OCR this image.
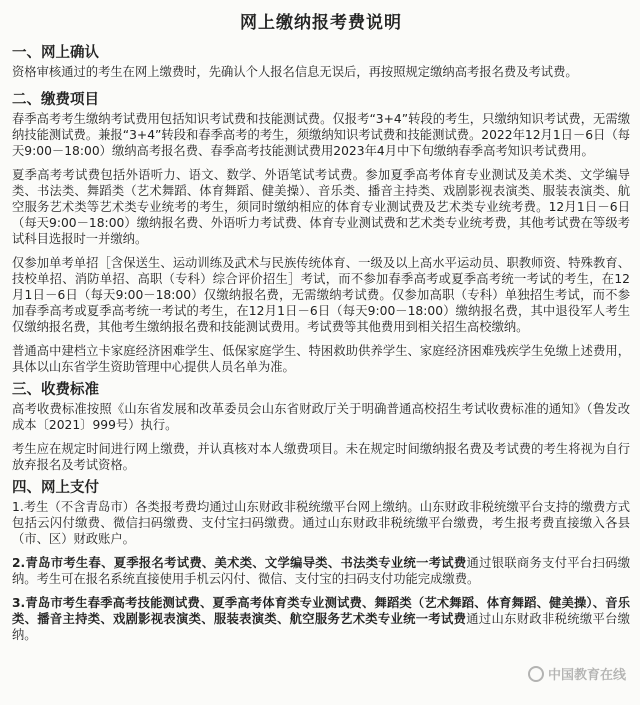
网上缴纳报考费说明
一、网上确认

资格审核通过的考生在网上缴费时，先确认个人报名信息无误后，再按照规定缴纳高考报名费及考试费。

二、缴费项目

春季高考考生缴纳考试费用包括知识考试费和技能测试费。仅报考“3+4”转段的考生，只缴纳知识考试费，无需缴纳技能测试费。兼报“3+4”转段和春季高考的考生，须缴纳知识考试费和技能测试费。2022年12月1日－6日（每天9:00－18:00）缴纳高考报名费、春季高考技能测试费用2023年4月中下旬缴纳春季高考知识考试费用。

夏季高考考试费包括外语听力、语文、数学、外语笔试考试费。参加夏季高考体育专业测试及美术类、文学编导类、书法类、舞蹈类（艺术舞蹈、体育舞蹈、健美操）、音乐类、播音主持类、戏剧影视表演类、服装表演类、航空服务艺术类等艺术类专业统考的考生，须同时缴纳相应的体育专业测试费及艺术类专业统考费。12月1日－6日（每天9:00－18:00）缴纳报名费、外语听力考试费、体育专业测试费和艺术类专业统考费，其他考试费在等级考试科目选报时一并缴纳。

仅参加单考单招［含保送生、运动训练及武术与民族传统体育、一级及以上高水平运动员、职教师资、特殊教育、技校单招、消防单招、高职（专科）综合评价招生］考试，而不参加春季高考或夏季高考统一考试的考生，在12月1日－6日（每天9:00－18:00）仅缴纳报名费，无需缴纳考试费。仅参加高职（专科）单独招生考试，而不参加春季高考或夏季高考统一考试的考生，在12月1日－6日（每天9:00－18:00）缴纳报名费，其中退役军人考生仅缴纳报名费，其他考生缴纳报名费和技能测试费用。考试费等其他费用到相关招生高校缴纳。

普通高中建档立卡家庭经济困难学生、低保家庭学生、特困救助供养学生、家庭经济困难残疾学生免缴上述费用，具体以山东省学生资助管理中心提供人员名单为准。

三、收费标准

高考收费标准按照《山东省发展和改革委员会山东省财政厅关于明确普通高校招生考试收费标准的通知》（鲁发改成本〔2021〕999号）执行。

考生应在规定时间进行网上缴费，并认真核对本人缴费项目。未在规定时间缴纳报名费及考试费的考生将视为自行放弃报名及考试资格。

四、网上支付

1.考生（不含青岛市）各类报考费均通过山东财政非税统缴平台网上缴纳。山东财政非税统缴平台支持的缴费方式包括云闪付缴费、微信扫码缴费、支付宝扫码缴费。通过山东财政非税统缴平台缴费，考生报考费直接缴入各县（市、区）财政账户。

2.青岛市考生春、夏季报名考试费、美术类、文学编导类、书法类专业统一考试费通过银联商务支付平台扫码缴纳。考生可在报名系统直接使用手机云闪付、微信、支付宝的扫码支付功能完成缴费。

3.青岛市考生春季高考技能测试费、夏季高考体育类专业测试费、舞蹈类（艺术舞蹈、体育舞蹈、健美操）、音乐类、播音主持类、戏剧影视表演类、服装表演类、航空服务艺术类专业统一考试费通过山东财政非税统缴平台缴纳。

中国教育在线
